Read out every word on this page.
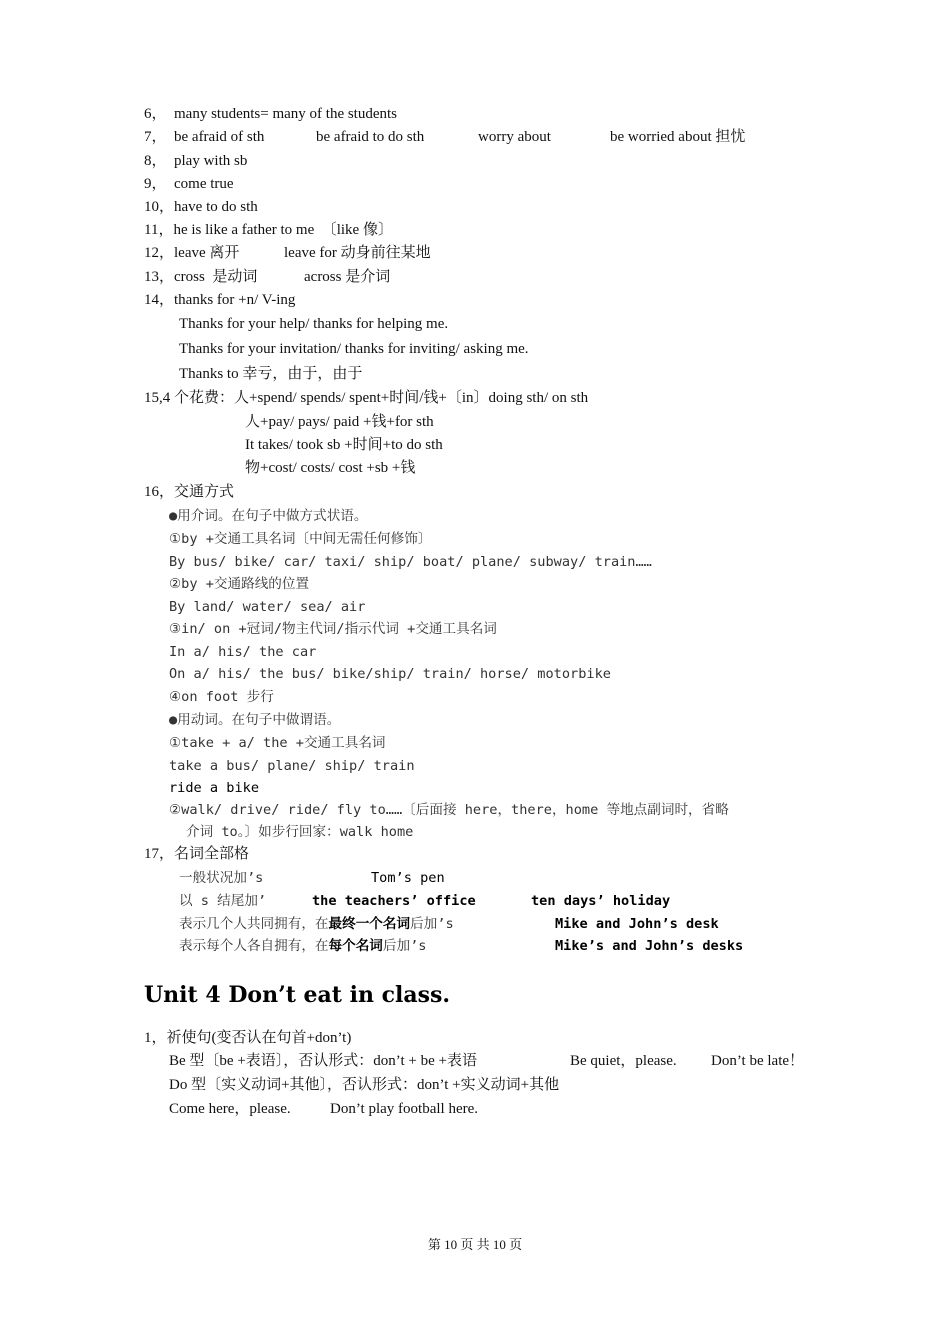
6，  many students= many of the students
7，  be afraid of sth	be afraid to do sth	worry about	be worried about 担忧
8，  play with sb
9，  come true
10，have to do sth
11，he is like a father to me  〔like 像〕
12，leave 离开	leave for 动身前往某地
13，cross  是动词	across 是介词
14，thanks for +n/ V-ing
Thanks for your help/ thanks for helping me.
Thanks for your invitation/ thanks for inviting/ asking me.
Thanks to 幸亏，由于，由于
15,4 个花费：人+spend/ spends/ spent+时间/钱+〔in〕doing sth/ on sth
人+pay/ pays/ paid +钱+for sth
It takes/ took sb +时间+to do sth
物+cost/ costs/ cost +sb +钱
16，交通方式
●用介词。在句子中做方式状语。
①by +交通工具名词〔中间无需任何修饰〕
By bus/ bike/ car/ taxi/ ship/ boat/ plane/ subway/ train……
②by +交通路线的位置
By land/ water/ sea/ air
③in/ on +冠词/物主代词/指示代词 +交通工具名词
In a/ his/ the car
On a/ his/ the bus/ bike/ship/ train/ horse/ motorbike
④on foot 步行
●用动词。在句子中做谓语。
①take + a/ the +交通工具名词
take a bus/ plane/ ship/ train
ride a bike
②walk/ drive/ ride/ fly to……〔后面接 here，there，home 等地点副词时，省略
介词 to。〕如步行回家：walk home
17，名词全部格
一般状况加’s	Tom’s pen
以 s 结尾加’	the teachers’ office	ten days’ holiday
表示几个人共同拥有，在最终一个名词后加’s	Mike and John’s desk
表示每个人各自拥有，在每个名词后加’s	Mike’s and John’s desks
Unit 4 Don’t eat in class.
1，祈使句(变否认在句首+don’t)
Be 型〔be +表语〕，否认形式：don’t + be +表语	Be quiet，please. Don’t be late！
Do 型〔实义动词+其他〕，否认形式：don’t +实义动词+其他
Come here，please.	Don’t play football here.
第 10 页 共 10 页
